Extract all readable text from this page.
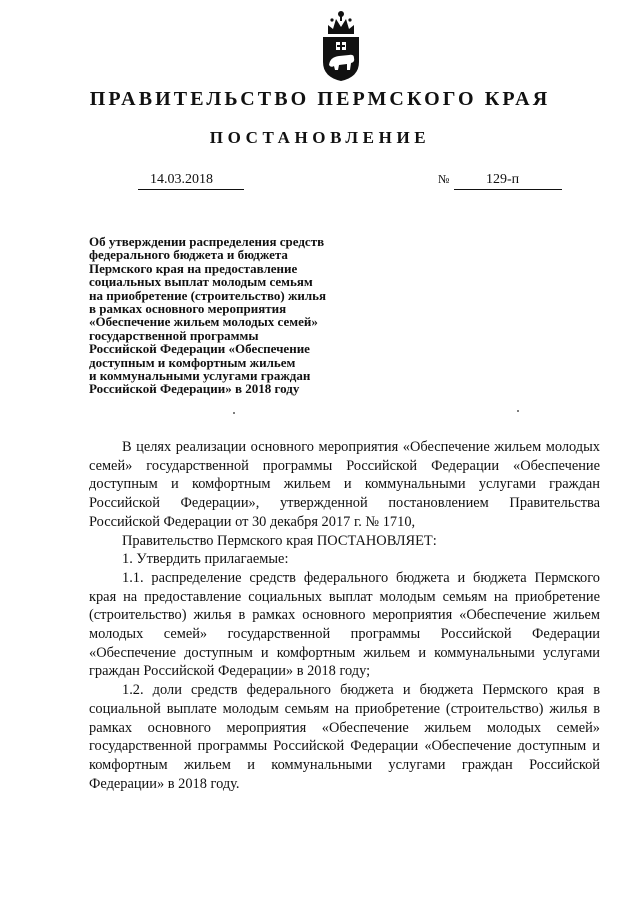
ПРАВИТЕЛЬСТВО ПЕРМСКОГО КРАЯ
ПОСТАНОВЛЕНИЕ
14.03.2018	№	129-п
Об утверждении распределения средств
федерального бюджета и бюджета
Пермского края на предоставление
социальных выплат молодым семьям
на приобретение (строительство) жилья
в рамках основного мероприятия
«Обеспечение жильем молодых семей»
государственной программы
Российской Федерации «Обеспечение
доступным и комфортным жильем
и коммунальными услугами граждан
Российской Федерации» в 2018 году

В целях реализации основного мероприятия «Обеспечение жильем молодых семей» государственной программы Российской Федерации «Обеспечение доступным и комфортным жильем и коммунальными услугами граждан Российской Федерации», утвержденной постановлением Правительства Российской Федерации от 30 декабря 2017 г. № 1710,

Правительство Пермского края ПОСТАНОВЛЯЕТ:

1. Утвердить прилагаемые:

1.1. распределение средств федерального бюджета и бюджета Пермского края на предоставление социальных выплат молодым семьям на приобретение (строительство) жилья в рамках основного мероприятия «Обеспечение жильем молодых семей» государственной программы Российской Федерации «Обеспечение доступным и комфортным жильем и коммунальными услугами граждан Российской Федерации» в 2018 году;

1.2. доли средств федерального бюджета и бюджета Пермского края в социальной выплате молодым семьям на приобретение (строительство) жилья в рамках основного мероприятия «Обеспечение жильем молодых семей» государственной программы Российской Федерации «Обеспечение доступным и комфортным жильем и коммунальными услугами граждан Российской Федерации» в 2018 году.
